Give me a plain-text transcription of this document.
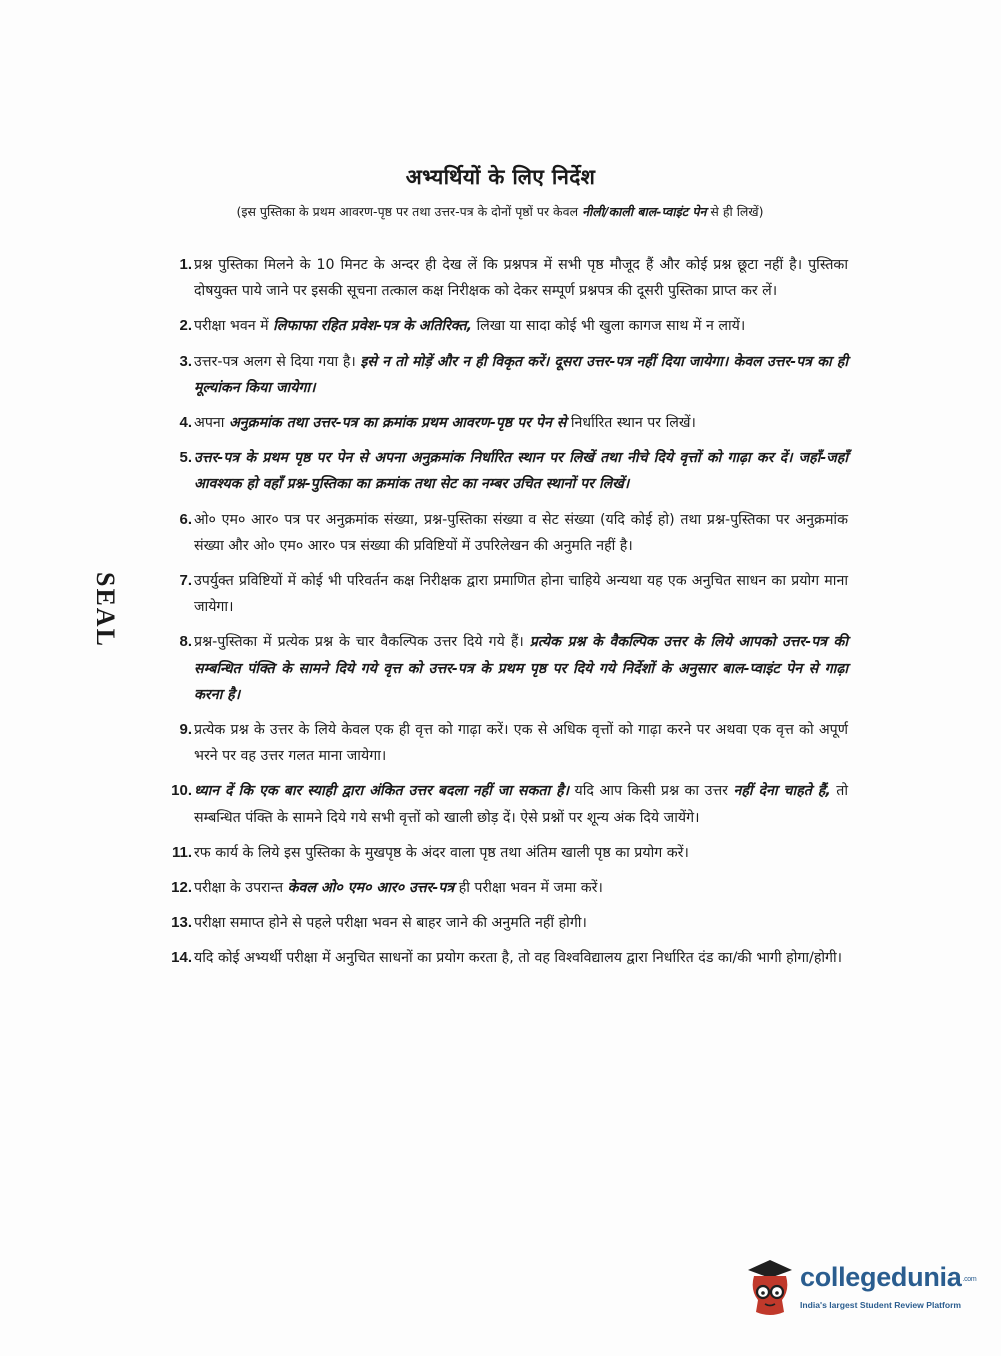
अभ्यर्थियों के लिए निर्देश
(इस पुस्तिका के प्रथम आवरण-पृष्ठ पर तथा उत्तर-पत्र के दोनों पृष्ठों पर केवल नीली/काली बाल-प्वाइंट पेन से ही लिखें)
SEAL
1. प्रश्न पुस्तिका मिलने के 10 मिनट के अन्दर ही देख लें कि प्रश्नपत्र में सभी पृष्ठ मौजूद हैं और कोई प्रश्न छूटा नहीं है। पुस्तिका दोषयुक्त पाये जाने पर इसकी सूचना तत्काल कक्ष निरीक्षक को देकर सम्पूर्ण प्रश्नपत्र की दूसरी पुस्तिका प्राप्त कर लें।
2. परीक्षा भवन में लिफाफा रहित प्रवेश-पत्र के अतिरिक्त, लिखा या सादा कोई भी खुला कागज साथ में न लायें।
3. उत्तर-पत्र अलग से दिया गया है। इसे न तो मोड़ें और न ही विकृत करें। दूसरा उत्तर-पत्र नहीं दिया जायेगा। केवल उत्तर-पत्र का ही मूल्यांकन किया जायेगा।
4. अपना अनुक्रमांक तथा उत्तर-पत्र का क्रमांक प्रथम आवरण-पृष्ठ पर पेन से निर्धारित स्थान पर लिखें।
5. उत्तर-पत्र के प्रथम पृष्ठ पर पेन से अपना अनुक्रमांक निर्धारित स्थान पर लिखें तथा नीचे दिये वृत्तों को गाढ़ा कर दें। जहाँ-जहाँ आवश्यक हो वहाँ प्रश्न-पुस्तिका का क्रमांक तथा सेट का नम्बर उचित स्थानों पर लिखें।
6. ओ० एम० आर० पत्र पर अनुक्रमांक संख्या, प्रश्न-पुस्तिका संख्या व सेट संख्या (यदि कोई हो) तथा प्रश्न-पुस्तिका पर अनुक्रमांक संख्या और ओ० एम० आर० पत्र संख्या की प्रविष्टियों में उपरिलेखन की अनुमति नहीं है।
7. उपर्युक्त प्रविष्टियों में कोई भी परिवर्तन कक्ष निरीक्षक द्वारा प्रमाणित होना चाहिये अन्यथा यह एक अनुचित साधन का प्रयोग माना जायेगा।
8. प्रश्न-पुस्तिका में प्रत्येक प्रश्न के चार वैकल्पिक उत्तर दिये गये हैं। प्रत्येक प्रश्न के वैकल्पिक उत्तर के लिये आपको उत्तर-पत्र की सम्बन्धित पंक्ति के सामने दिये गये वृत्त को उत्तर-पत्र के प्रथम पृष्ठ पर दिये गये निर्देशों के अनुसार बाल-प्वाइंट पेन से गाढ़ा करना है।
9. प्रत्येक प्रश्न के उत्तर के लिये केवल एक ही वृत्त को गाढ़ा करें। एक से अधिक वृत्तों को गाढ़ा करने पर अथवा एक वृत्त को अपूर्ण भरने पर वह उत्तर गलत माना जायेगा।
10. ध्यान दें कि एक बार स्याही द्वारा अंकित उत्तर बदला नहीं जा सकता है। यदि आप किसी प्रश्न का उत्तर नहीं देना चाहते हैं, तो सम्बन्धित पंक्ति के सामने दिये गये सभी वृत्तों को खाली छोड़ दें। ऐसे प्रश्नों पर शून्य अंक दिये जायेंगे।
11. रफ कार्य के लिये इस पुस्तिका के मुखपृष्ठ के अंदर वाला पृष्ठ तथा अंतिम खाली पृष्ठ का प्रयोग करें।
12. परीक्षा के उपरान्त केवल ओ० एम० आर० उत्तर-पत्र ही परीक्षा भवन में जमा करें।
13. परीक्षा समाप्त होने से पहले परीक्षा भवन से बाहर जाने की अनुमति नहीं होगी।
14. यदि कोई अभ्यर्थी परीक्षा में अनुचित साधनों का प्रयोग करता है, तो वह विश्वविद्यालय द्वारा निर्धारित दंड का/की भागी होगा/होगी।
collegedunia$^{.com}$
India's largest Student Review Platform
